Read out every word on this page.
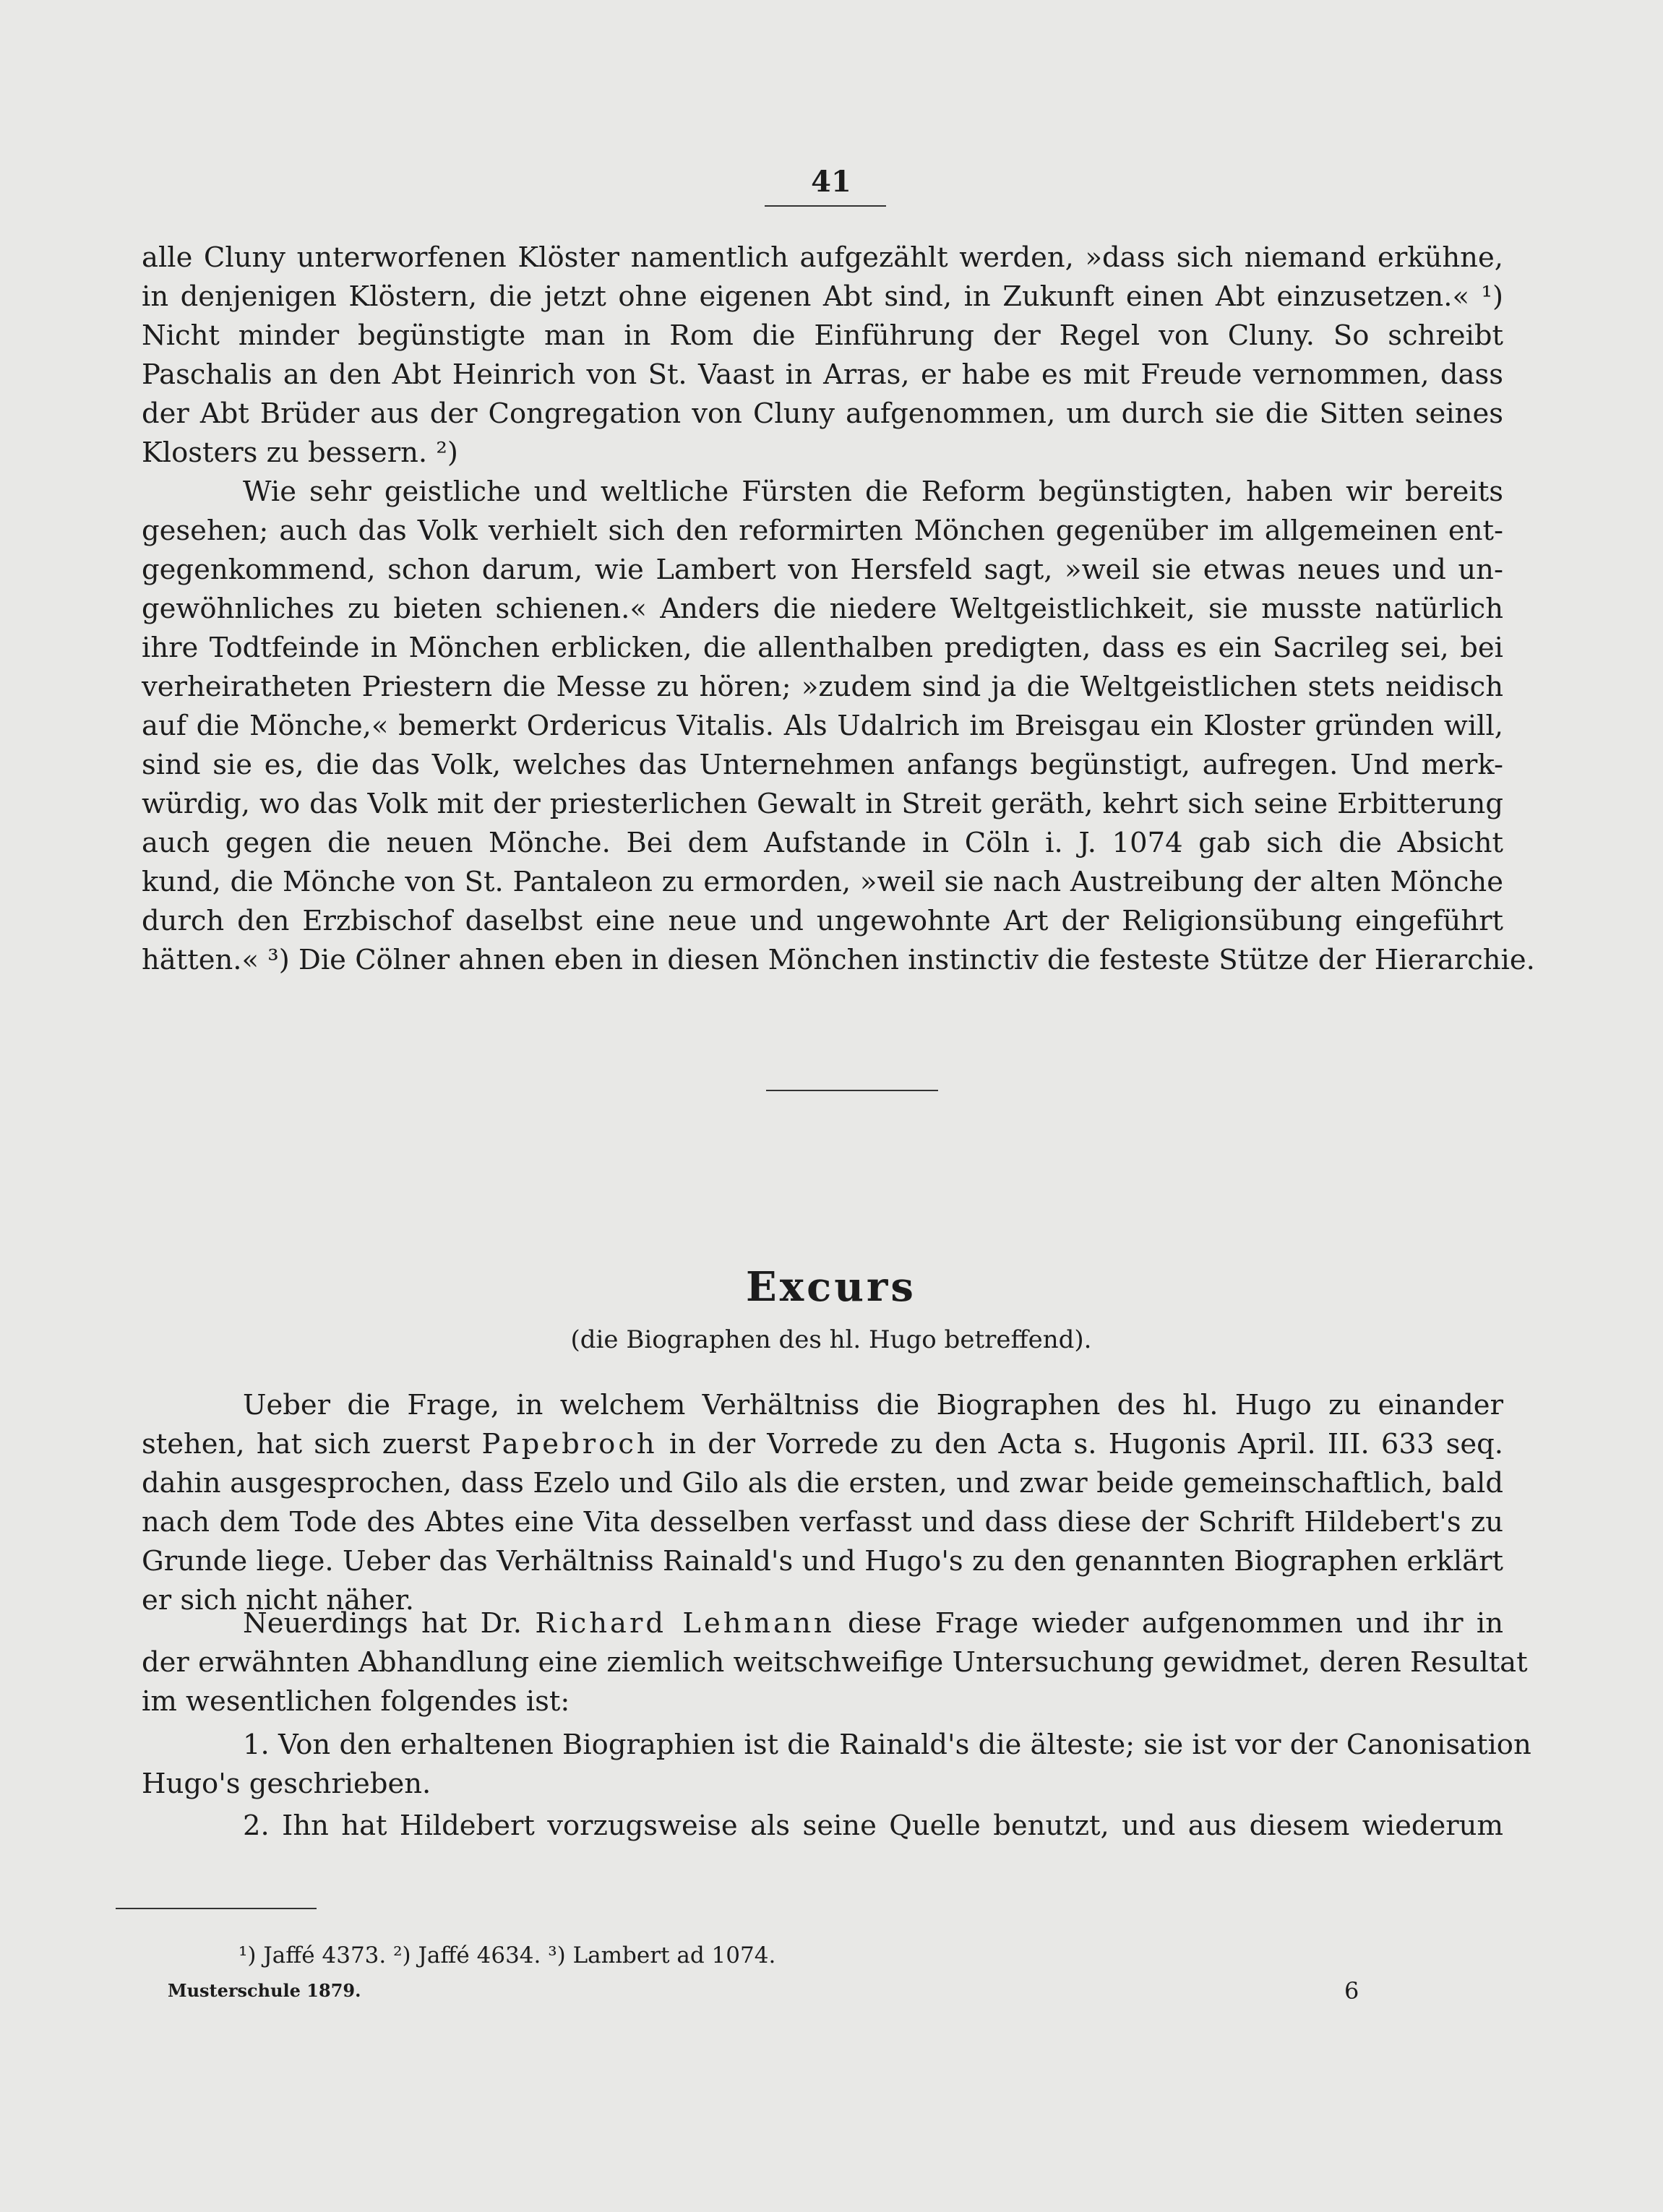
41
alle Cluny unterworfenen Klöster namentlich aufgezählt werden, »dass sich niemand erkühne,
in denjenigen Klöstern, die jetzt ohne eigenen Abt sind, in Zukunft einen Abt einzusetzen.« ¹)
Nicht minder begünstigte man in Rom die Einführung der Regel von Cluny. So schreibt
Paschalis an den Abt Heinrich von St. Vaast in Arras, er habe es mit Freude vernommen, dass
der Abt Brüder aus der Congregation von Cluny aufgenommen, um durch sie die Sitten seines
Klosters zu bessern. ²)
Wie sehr geistliche und weltliche Fürsten die Reform begünstigten, haben wir bereits
gesehen; auch das Volk verhielt sich den reformirten Mönchen gegenüber im allgemeinen ent-
gegenkommend, schon darum, wie Lambert von Hersfeld sagt, »weil sie etwas neues und un-
gewöhnliches zu bieten schienen.« Anders die niedere Weltgeistlichkeit, sie musste natürlich
ihre Todtfeinde in Mönchen erblicken, die allenthalben predigten, dass es ein Sacrileg sei, bei
verheiratheten Priestern die Messe zu hören; »zudem sind ja die Weltgeistlichen stets neidisch
auf die Mönche,« bemerkt Ordericus Vitalis. Als Udalrich im Breisgau ein Kloster gründen will,
sind sie es, die das Volk, welches das Unternehmen anfangs begünstigt, aufregen. Und merk-
würdig, wo das Volk mit der priesterlichen Gewalt in Streit geräth, kehrt sich seine Erbitterung
auch gegen die neuen Mönche. Bei dem Aufstande in Cöln i. J. 1074 gab sich die Absicht
kund, die Mönche von St. Pantaleon zu ermorden, »weil sie nach Austreibung der alten Mönche
durch den Erzbischof daselbst eine neue und ungewohnte Art der Religionsübung eingeführt
hätten.« ³) Die Cölner ahnen eben in diesen Mönchen instinctiv die festeste Stütze der Hierarchie.
Excurs
(die Biographen des hl. Hugo betreffend).
Ueber die Frage, in welchem Verhältniss die Biographen des hl. Hugo zu einander
stehen, hat sich zuerst Papebroch in der Vorrede zu den Acta s. Hugonis April. III. 633 seq.
dahin ausgesprochen, dass Ezelo und Gilo als die ersten, und zwar beide gemeinschaftlich, bald
nach dem Tode des Abtes eine Vita desselben verfasst und dass diese der Schrift Hildebert's zu
Grunde liege. Ueber das Verhältniss Rainald's und Hugo's zu den genannten Biographen erklärt
er sich nicht näher.
Neuerdings hat Dr. Richard Lehmann diese Frage wieder aufgenommen und ihr in
der erwähnten Abhandlung eine ziemlich weitschweifige Untersuchung gewidmet, deren Resultat
im wesentlichen folgendes ist:
1. Von den erhaltenen Biographien ist die Rainald's die älteste; sie ist vor der Canonisation
Hugo's geschrieben.
2. Ihn hat Hildebert vorzugsweise als seine Quelle benutzt, und aus diesem wiederum
¹) Jaffé 4373. ²) Jaffé 4634. ³) Lambert ad 1074.
Musterschule 1879.	6
